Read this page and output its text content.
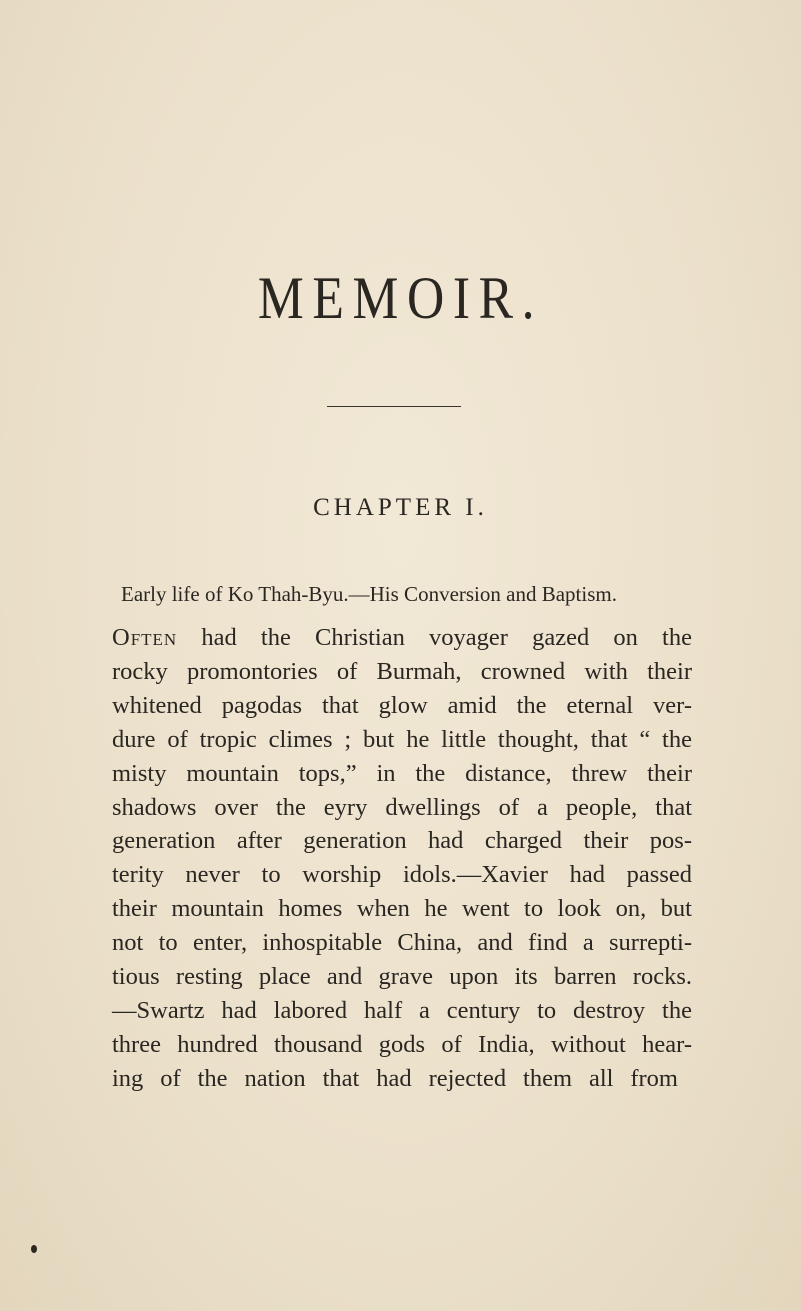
MEMOIR.
CHAPTER I.

Early life of Ko Thah-Byu.—His Conversion and Baptism.

Often had the Christian voyager gazed on the
rocky promontories of Burmah, crowned with their
whitened pagodas that glow amid the eternal ver-
dure of tropic climes ; but he little thought, that “ the
misty mountain tops,” in the distance, threw their
shadows over the eyry dwellings of a people, that
generation after generation had charged their pos-
terity never to worship idols.—Xavier had passed
their mountain homes when he went to look on, but
not to enter, inhospitable China, and find a surrepti-
tious resting place and grave upon its barren rocks.
—Swartz had labored half a century to destroy the
three hundred thousand gods of India, without hear-
ing of the nation that had rejected them all from
